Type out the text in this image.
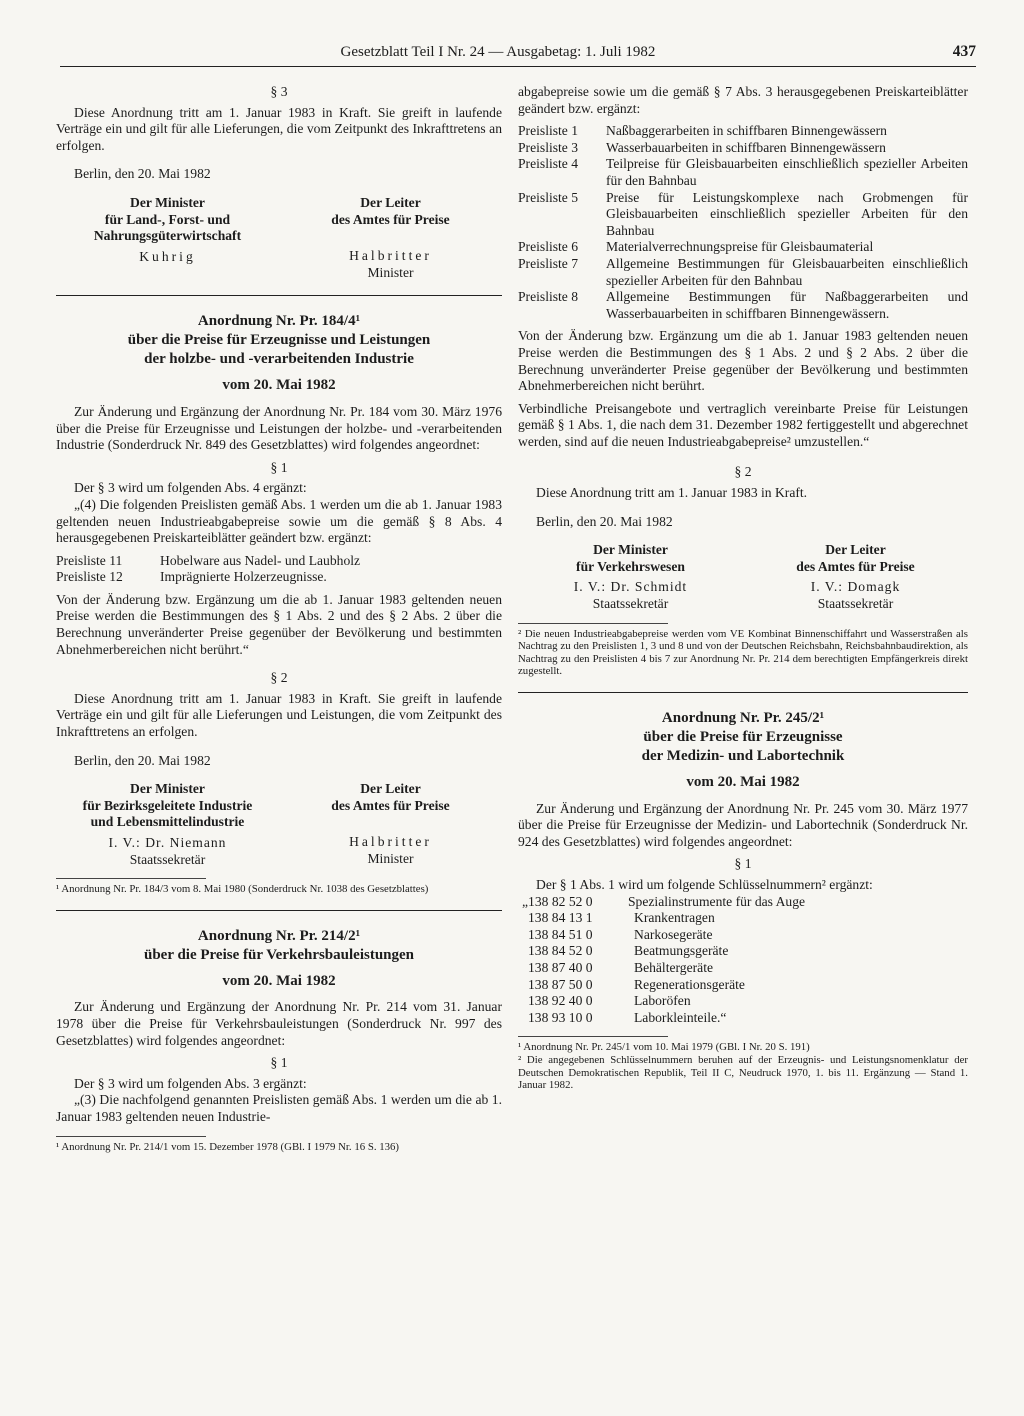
Gesetzblatt Teil I Nr. 24 — Ausgabetag: 1. Juli 1982	437
§ 3

Diese Anordnung tritt am 1. Januar 1983 in Kraft. Sie greift in laufende Verträge ein und gilt für alle Lieferungen, die vom Zeitpunkt des Inkrafttretens an erfolgen.

Berlin, den 20. Mai 1982

Der Minister
für Land-, Forst- und
Nahrungsgüterwirtschaft
Kuhrig
Der Leiter
des Amtes für Preise
Halbritter
Minister
Anordnung Nr. Pr. 184/4¹
über die Preise für Erzeugnisse und Leistungen
der holzbe- und -verarbeitenden Industrie
vom 20. Mai 1982

Zur Änderung und Ergänzung der Anordnung Nr. Pr. 184 vom 30. März 1976 über die Preise für Erzeugnisse und Leistungen der holzbe- und -verarbeitenden Industrie (Sonderdruck Nr. 849 des Gesetzblattes) wird folgendes angeordnet:

§ 1

Der § 3 wird um folgenden Abs. 4 ergänzt:

„(4) Die folgenden Preislisten gemäß Abs. 1 werden um die ab 1. Januar 1983 geltenden neuen Industrieabgabepreise sowie um die gemäß § 8 Abs. 4 herausgegebenen Preiskarteiblätter geändert bzw. ergänzt:

Preisliste 11	Hobelware aus Nadel- und Laubholz
Preisliste 12	Imprägnierte Holzerzeugnisse.

Von der Änderung bzw. Ergänzung um die ab 1. Januar 1983 geltenden neuen Preise werden die Bestimmungen des § 1 Abs. 2 und des § 2 Abs. 2 über die Berechnung unveränderter Preise gegenüber der Bevölkerung und bestimmten Abnehmerbereichen nicht berührt.“

§ 2

Diese Anordnung tritt am 1. Januar 1983 in Kraft. Sie greift in laufende Verträge ein und gilt für alle Lieferungen und Leistungen, die vom Zeitpunkt des Inkrafttretens an erfolgen.

Berlin, den 20. Mai 1982

Der Minister
für Bezirksgeleitete Industrie
und Lebensmittelindustrie
I. V.: Dr. Niemann
Staatssekretär
Der Leiter
des Amtes für Preise
Halbritter
Minister

¹ Anordnung Nr. Pr. 184/3 vom 8. Mai 1980 (Sonderdruck Nr. 1038 des Gesetzblattes)

Anordnung Nr. Pr. 214/2¹
über die Preise für Verkehrsbauleistungen
vom 20. Mai 1982

Zur Änderung und Ergänzung der Anordnung Nr. Pr. 214 vom 31. Januar 1978 über die Preise für Verkehrsbauleistungen (Sonderdruck Nr. 997 des Gesetzblattes) wird folgendes angeordnet:

§ 1

Der § 3 wird um folgenden Abs. 3 ergänzt:

„(3) Die nachfolgend genannten Preislisten gemäß Abs. 1 werden um die ab 1. Januar 1983 geltenden neuen Industrie-

¹ Anordnung Nr. Pr. 214/1 vom 15. Dezember 1978 (GBl. I 1979 Nr. 16 S. 136)

abgabepreise sowie um die gemäß § 7 Abs. 3 herausgegebenen Preiskarteiblätter geändert bzw. ergänzt:

Preisliste 1	Naßbaggerarbeiten in schiffbaren Binnengewässern
Preisliste 3	Wasserbauarbeiten in schiffbaren Binnengewässern
Preisliste 4	Teilpreise für Gleisbauarbeiten einschließlich spezieller Arbeiten für den Bahnbau
Preisliste 5	Preise für Leistungskomplexe nach Grobmengen für Gleisbauarbeiten einschließlich spezieller Arbeiten für den Bahnbau
Preisliste 6	Materialverrechnungspreise für Gleisbaumaterial
Preisliste 7	Allgemeine Bestimmungen für Gleisbauarbeiten einschließlich spezieller Arbeiten für den Bahnbau
Preisliste 8	Allgemeine Bestimmungen für Naßbaggerarbeiten und Wasserbauarbeiten in schiffbaren Binnengewässern.

Von der Änderung bzw. Ergänzung um die ab 1. Januar 1983 geltenden neuen Preise werden die Bestimmungen des § 1 Abs. 2 und § 2 Abs. 2 über die Berechnung unveränderter Preise gegenüber der Bevölkerung und bestimmten Abnehmerbereichen nicht berührt.

Verbindliche Preisangebote und vertraglich vereinbarte Preise für Leistungen gemäß § 1 Abs. 1, die nach dem 31. Dezember 1982 fertiggestellt und abgerechnet werden, sind auf die neuen Industrieabgabepreise² umzustellen.“

§ 2

Diese Anordnung tritt am 1. Januar 1983 in Kraft.

Berlin, den 20. Mai 1982

Der Minister
für Verkehrswesen
I. V.: Dr. Schmidt
Staatssekretär
Der Leiter
des Amtes für Preise
I. V.: Domagk
Staatssekretär

² Die neuen Industrieabgabepreise werden vom VE Kombinat Binnenschiffahrt und Wasserstraßen als Nachtrag zu den Preislisten 1, 3 und 8 und von der Deutschen Reichsbahn, Reichsbahnbaudirektion, als Nachtrag zu den Preislisten 4 bis 7 zur Anordnung Nr. Pr. 214 dem berechtigten Empfängerkreis direkt zugestellt.

Anordnung Nr. Pr. 245/2¹
über die Preise für Erzeugnisse
der Medizin- und Labortechnik
vom 20. Mai 1982

Zur Änderung und Ergänzung der Anordnung Nr. Pr. 245 vom 30. März 1977 über die Preise für Erzeugnisse der Medizin- und Labortechnik (Sonderdruck Nr. 924 des Gesetzblattes) wird folgendes angeordnet:

§ 1

Der § 1 Abs. 1 wird um folgende Schlüsselnummern² ergänzt:

„138 82 52 0	Spezialinstrumente für das Auge
138 84 13 1	Krankentragen
138 84 51 0	Narkosegeräte
138 84 52 0	Beatmungsgeräte
138 87 40 0	Behältergeräte
138 87 50 0	Regenerationsgeräte
138 92 40 0	Laboröfen
138 93 10 0	Laborkleinteile.“

¹ Anordnung Nr. Pr. 245/1 vom 10. Mai 1979 (GBl. I Nr. 20 S. 191)

² Die angegebenen Schlüsselnummern beruhen auf der Erzeugnis- und Leistungsnomenklatur der Deutschen Demokratischen Republik, Teil II C, Neudruck 1970, 1. bis 11. Ergänzung — Stand 1. Januar 1982.
